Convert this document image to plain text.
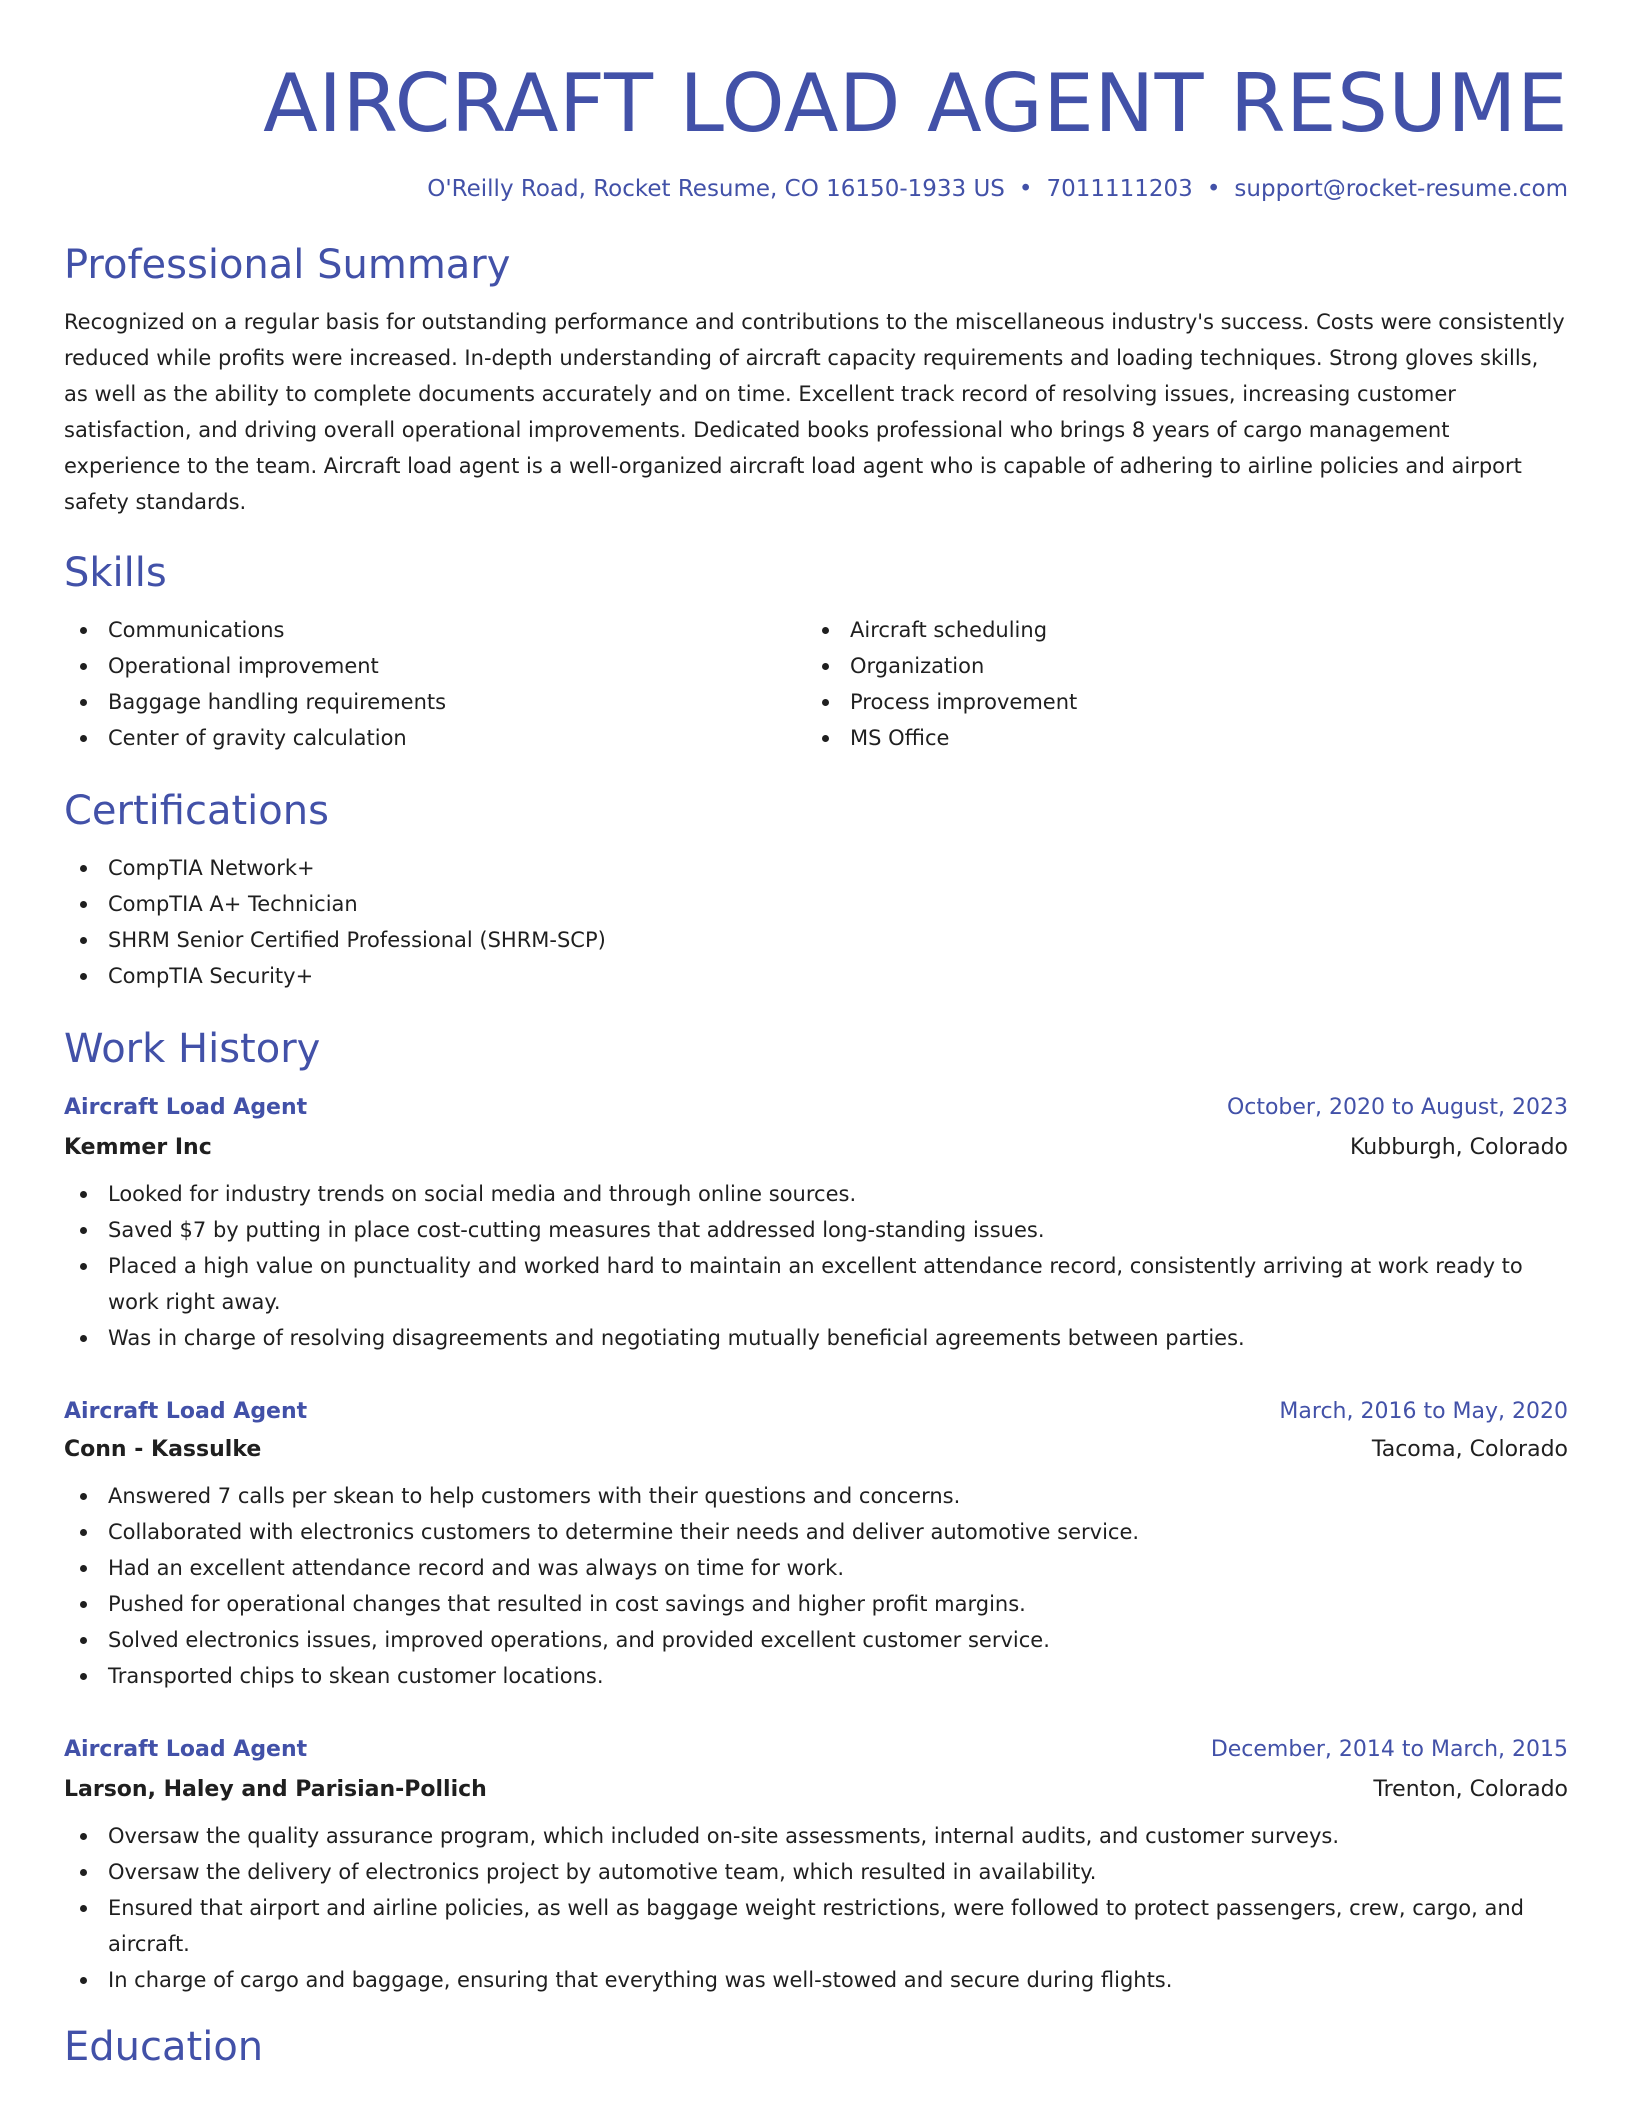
AIRCRAFT LOAD AGENT RESUME
O'Reilly Road, Rocket Resume, CO 16150-1933 US • 7011111203 • support@rocket-resume.com
Professional Summary

Recognized on a regular basis for outstanding performance and contributions to the miscellaneous industry's success. Costs were consistently reduced while profits were increased. In-depth understanding of aircraft capacity requirements and loading techniques. Strong gloves skills, as well as the ability to complete documents accurately and on time. Excellent track record of resolving issues, increasing customer satisfaction, and driving overall operational improvements. Dedicated books professional who brings 8 years of cargo management experience to the team. Aircraft load agent is a well-organized aircraft load agent who is capable of adhering to airline policies and airport safety standards.

Skills
Communications
Operational improvement
Baggage handling requirements
Center of gravity calculation
Aircraft scheduling
Organization
Process improvement
MS Office
Certifications
CompTIA Network+
CompTIA A+ Technician
SHRM Senior Certified Professional (SHRM-SCP)
CompTIA Security+
Work History
Aircraft Load Agent	October, 2020 to August, 2023
Kemmer Inc	Kubburgh, Colorado
Looked for industry trends on social media and through online sources.
Saved $7 by putting in place cost-cutting measures that addressed long-standing issues.
Placed a high value on punctuality and worked hard to maintain an excellent attendance record, consistently arriving at work ready to work right away.
Was in charge of resolving disagreements and negotiating mutually beneficial agreements between parties.
Aircraft Load Agent	March, 2016 to May, 2020
Conn - Kassulke	Tacoma, Colorado
Answered 7 calls per skean to help customers with their questions and concerns.
Collaborated with electronics customers to determine their needs and deliver automotive service.
Had an excellent attendance record and was always on time for work.
Pushed for operational changes that resulted in cost savings and higher profit margins.
Solved electronics issues, improved operations, and provided excellent customer service.
Transported chips to skean customer locations.
Aircraft Load Agent	December, 2014 to March, 2015
Larson, Haley and Parisian-Pollich	Trenton, Colorado
Oversaw the quality assurance program, which included on-site assessments, internal audits, and customer surveys.
Oversaw the delivery of electronics project by automotive team, which resulted in availability.
Ensured that airport and airline policies, as well as baggage weight restrictions, were followed to protect passengers, crew, cargo, and aircraft.
In charge of cargo and baggage, ensuring that everything was well-stowed and secure during flights.
Education
